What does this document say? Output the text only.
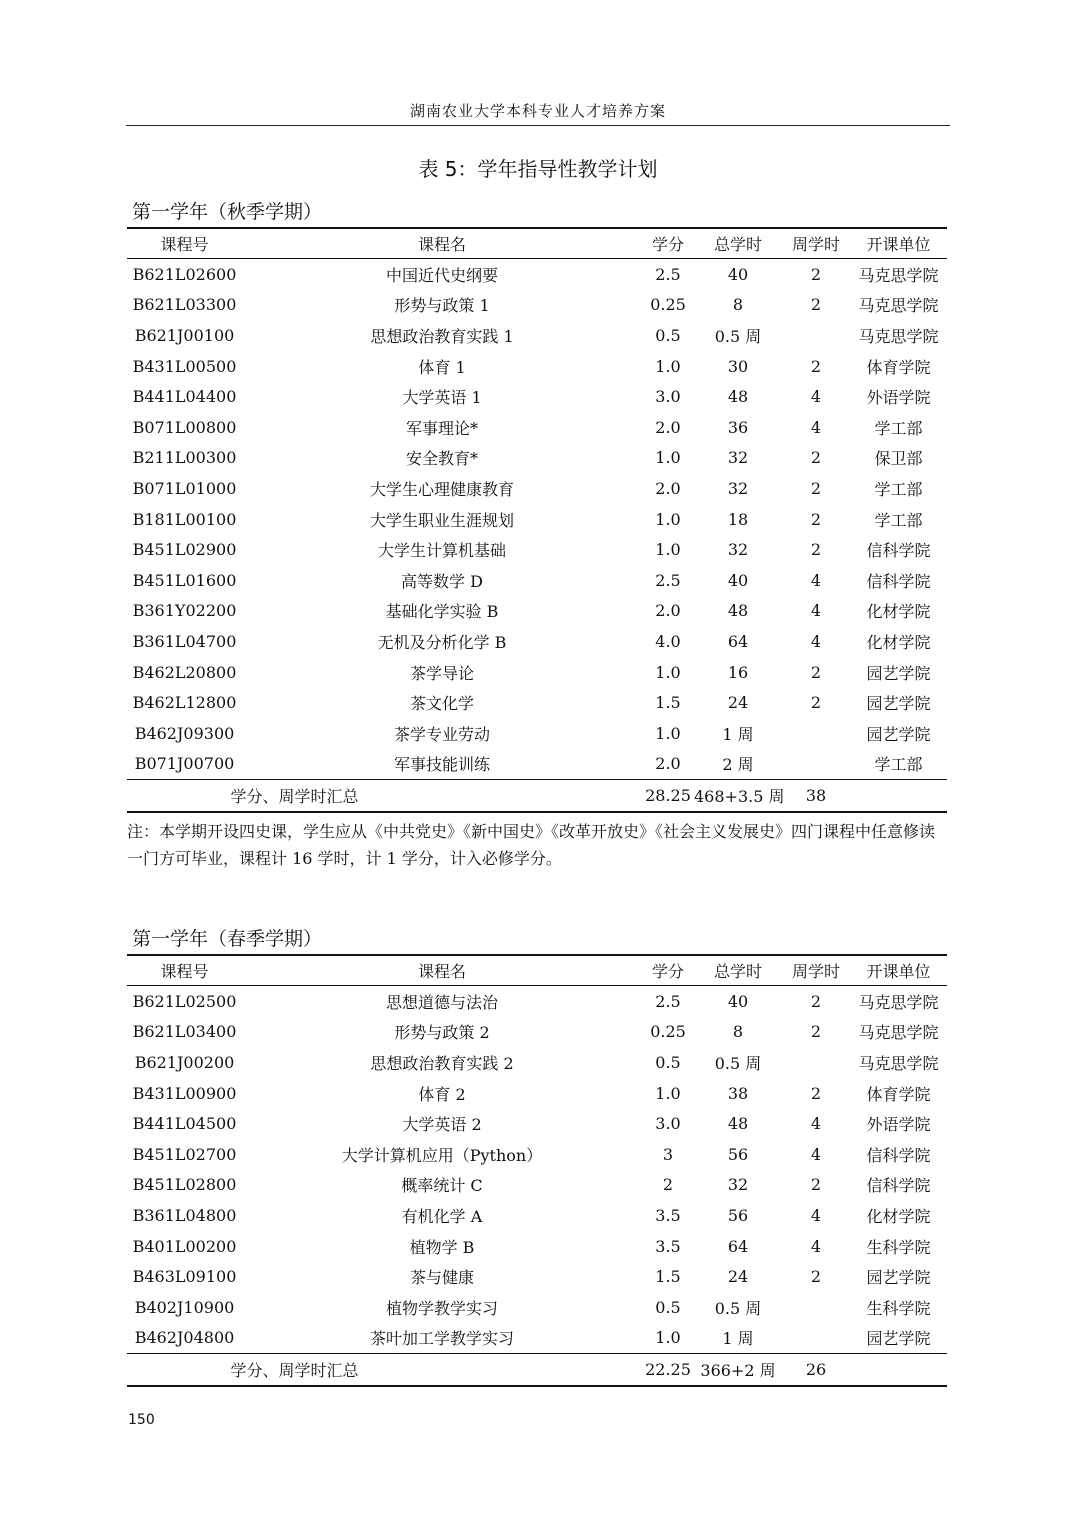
湖南农业大学本科专业人才培养方案
表 5：学年指导性教学计划
第一学年（秋季学期）
课程号	课程名	学分	总学时	周学时	开课单位
B621L02600	中国近代史纲要	2.5	40	2	马克思学院
B621L03300	形势与政策 1	0.25	8	2	马克思学院
B621J00100	思想政治教育实践 1	0.5	0.5 周		马克思学院
B431L00500	体育 1	1.0	30	2	体育学院
B441L04400	大学英语 1	3.0	48	4	外语学院
B071L00800	军事理论*	2.0	36	4	学工部
B211L00300	安全教育*	1.0	32	2	保卫部
B071L01000	大学生心理健康教育	2.0	32	2	学工部
B181L00100	大学生职业生涯规划	1.0	18	2	学工部
B451L02900	大学生计算机基础	1.0	32	2	信科学院
B451L01600	高等数学 D	2.5	40	4	信科学院
B361Y02200	基础化学实验 B	2.0	48	4	化材学院
B361L04700	无机及分析化学 B	4.0	64	4	化材学院
B462L20800	茶学导论	1.0	16	2	园艺学院
B462L12800	茶文化学	1.5	24	2	园艺学院
B462J09300	茶学专业劳动	1.0	1 周		园艺学院
B071J00700	军事技能训练	2.0	2 周		学工部
学分、周学时汇总		28.25	468+3.5 周	38	
注：本学期开设四史课，学生应从《中共党史》《新中国史》《改革开放史》《社会主义发展史》四门课程中任意修读一门方可毕业，课程计 16 学时，计 1 学分，计入必修学分。
第一学年（春季学期）
课程号	课程名	学分	总学时	周学时	开课单位
B621L02500	思想道德与法治	2.5	40	2	马克思学院
B621L03400	形势与政策 2	0.25	8	2	马克思学院
B621J00200	思想政治教育实践 2	0.5	0.5 周		马克思学院
B431L00900	体育 2	1.0	38	2	体育学院
B441L04500	大学英语 2	3.0	48	4	外语学院
B451L02700	大学计算机应用（Python）	3	56	4	信科学院
B451L02800	概率统计 C	2	32	2	信科学院
B361L04800	有机化学 A	3.5	56	4	化材学院
B401L00200	植物学 B	3.5	64	4	生科学院
B463L09100	茶与健康	1.5	24	2	园艺学院
B402J10900	植物学教学实习	0.5	0.5 周		生科学院
B462J04800	茶叶加工学教学实习	1.0	1 周		园艺学院
学分、周学时汇总		22.25	366+2 周	26	
150
